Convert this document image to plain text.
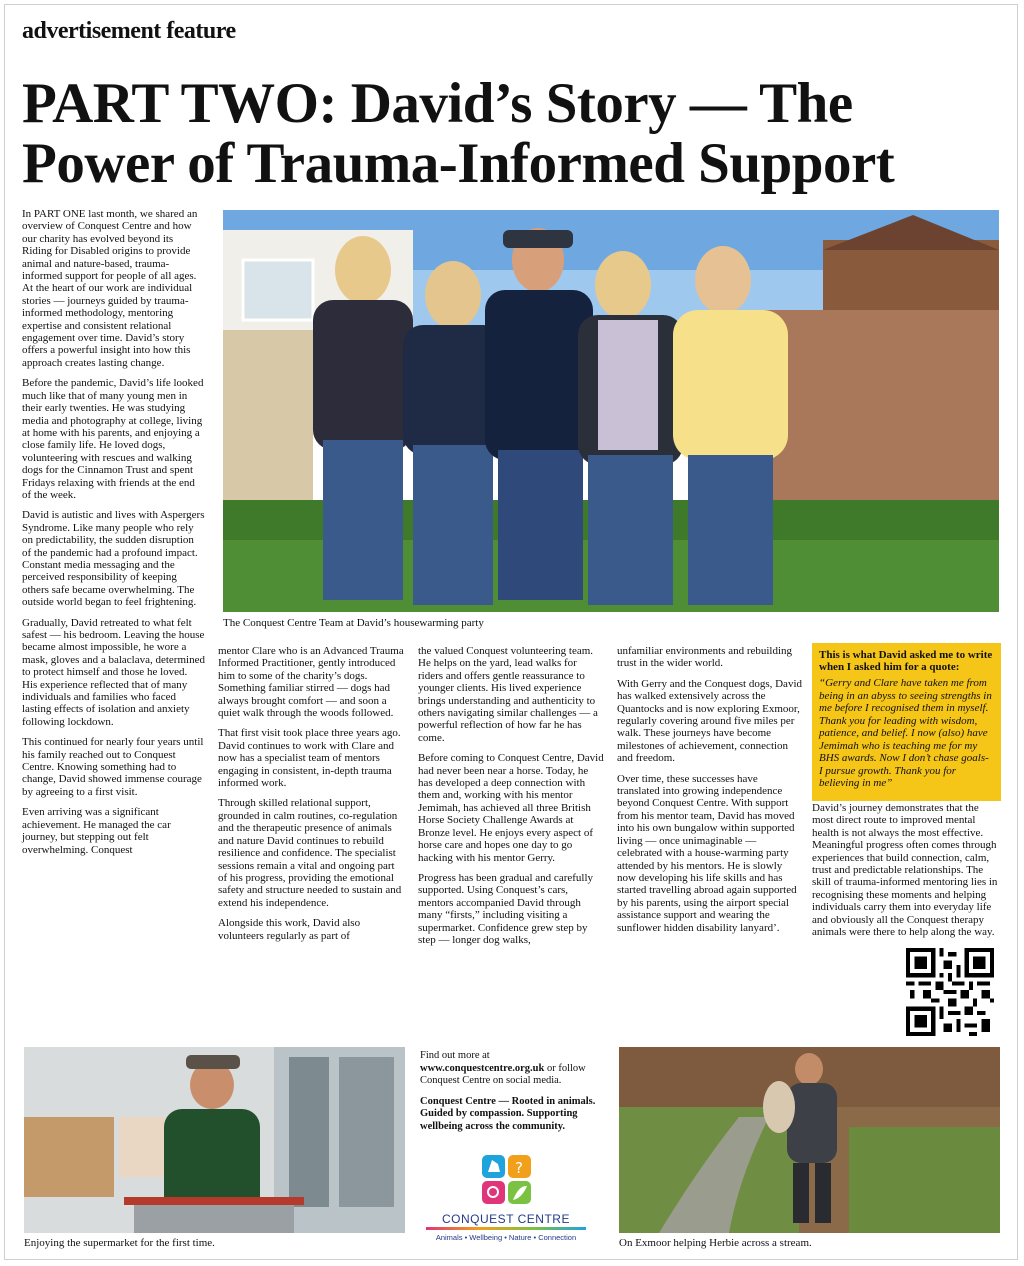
advertisement feature
PART TWO: David’s Story — The Power of Trauma-Informed Support

In PART ONE last month, we shared an overview of Conquest Centre and how our charity has evolved beyond its Riding for Disabled origins to provide animal and nature-based, trauma-informed support for people of all ages. At the heart of our work are individual stories — journeys guided by trauma-informed methodology, mentoring expertise and consistent relational engagement over time. David’s story offers a powerful insight into how this approach creates lasting change.

Before the pandemic, David’s life looked much like that of many young men in their early twenties. He was studying media and photography at college, living at home with his parents, and enjoying a close family life. He loved dogs, volunteering with rescues and walking dogs for the Cinnamon Trust and spent Fridays relaxing with friends at the end of the week.

David is autistic and lives with Aspergers Syndrome. Like many people who rely on predictability, the sudden disruption of the pandemic had a profound impact. Constant media messaging and the perceived responsibility of keeping others safe became overwhelming. The outside world began to feel frightening.

Gradually, David retreated to what felt safest — his bedroom. Leaving the house became almost impossible, he wore a mask, gloves and a balaclava, determined to protect himself and those he loved. His experience reflected that of many individuals and families who faced lasting effects of isolation and anxiety following lockdown.

This continued for nearly four years until his family reached out to Conquest Centre. Knowing something had to change, David showed immense courage by agreeing to a first visit.

Even arriving was a significant achievement. He managed the car journey, but stepping out felt overwhelming. Conquest

The Conquest Centre Team at David’s housewarming party

mentor Clare who is an Advanced Trauma Informed Practitioner, gently introduced him to some of the charity’s dogs. Something familiar stirred — dogs had always brought comfort — and soon a quiet walk through the woods followed.

That first visit took place three years ago. David continues to work with Clare and now has a specialist team of mentors engaging in consistent, in-depth trauma informed work.

Through skilled relational support, grounded in calm routines, co-regulation and the therapeutic presence of animals and nature David continues to rebuild resilience and confidence. The specialist sessions remain a vital and ongoing part of his progress, providing the emotional safety and structure needed to sustain and extend his independence.

Alongside this work, David also volunteers regularly as part of

the valued Conquest volunteering team. He helps on the yard, lead walks for riders and offers gentle reassurance to younger clients. His lived experience brings understanding and authenticity to others navigating similar challenges — a powerful reflection of how far he has come.

Before coming to Conquest Centre, David had never been near a horse. Today, he has developed a deep connection with them and, working with his mentor Jemimah, has achieved all three British Horse Society Challenge Awards at Bronze level. He enjoys every aspect of horse care and hopes one day to go hacking with his mentor Gerry.

Progress has been gradual and carefully supported. Using Conquest’s cars, mentors accompanied David through many “firsts,” including visiting a supermarket. Confidence grew step by step — longer dog walks,

unfamiliar environments and rebuilding trust in the wider world.

With Gerry and the Conquest dogs, David has walked extensively across the Quantocks and is now exploring Exmoor, regularly covering around five miles per walk. These journeys have become milestones of achievement, connection and freedom.

Over time, these successes have translated into growing independence beyond Conquest Centre. With support from his mentor team, David has moved into his own bungalow within supported living — once unimaginable — celebrated with a house-warming party attended by his mentors. He is slowly now developing his life skills and has started travelling abroad again supported by his parents, using the airport special assistance support and wearing the sunflower hidden disability lanyard’.

This is what David asked me to write when I asked him for a quote:
“Gerry and Clare have taken me from being in an abyss to seeing strengths in me before I recognised them in myself. Thank you for leading with wisdom, patience, and belief. I now (also) have Jemimah who is teaching me for my BHS awards. Now I don’t chase goals- I pursue growth. Thank you for believing in me”

David’s journey demonstrates that the most direct route to improved mental health is not always the most effective. Meaningful progress often comes through experiences that build connection, calm, trust and predictable relationships. The skill of trauma-informed mentoring lies in recognising these moments and helping individuals carry them into everyday life and obviously all the Conquest therapy animals were there to help along the way.

Enjoying the supermarket for the first time.

Find out more at
www.conquestcentre.org.uk or follow Conquest Centre on social media.

Conquest Centre — Rooted in animals. Guided by compassion. Supporting wellbeing across the community.

?
CONQUEST CENTRE
Animals • Wellbeing • Nature • Connection	On Exmoor helping Herbie across a stream.
